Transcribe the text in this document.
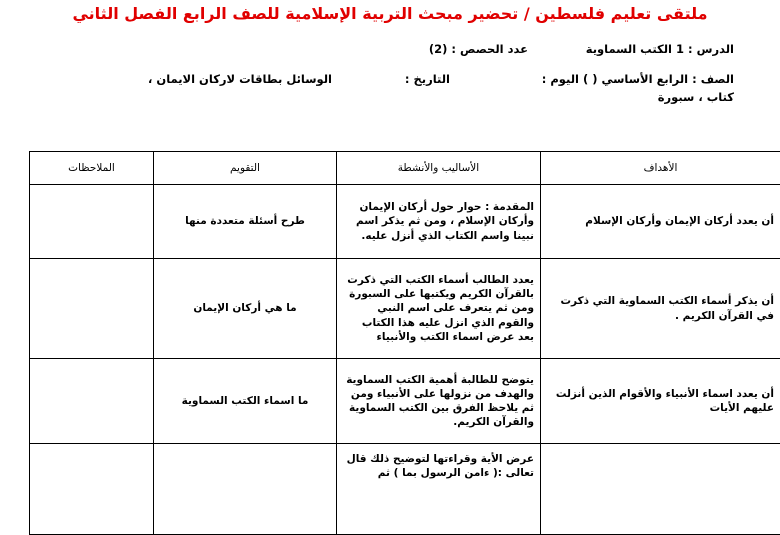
ملتقى تعليم فلسطين / تحضير مبحث التربية الإسلامية للصف الرابع الفصل الثاني
الدرس : 1 الكتب السماوية
عدد الحصص : (2)
الصف : الرابع الأساسي ( ) اليوم :
التاريخ :
الوسائل بطاقات لاركان الايمان ،
كتاب ، سبورة
الأهداف	الأساليب والأنشطة	التقويم	الملاحظات
أن يعدد أركان الإيمان وأركان الإسلام	المقدمة : حوار حول أركان الإيمان وأركان الإسلام ، ومن ثم يذكر اسم نبينا واسم الكتاب الذي أنزل عليه.	طرح أسئلة متعددة منها	
أن يذكر أسماء الكتب السماوية التي ذكرت في القرآن الكريم .	يعدد الطالب أسماء الكتب التي ذكرت بالقرآن الكريم ويكتبها على السبورة ومن ثم يتعرف على اسم النبي والقوم الذي انزل عليه هذا الكتاب بعد عرض اسماء الكتب والأنبياء	ما هي أركان الإيمان	
أن يعدد اسماء الأنبياء والأقوام الذين أنزلت عليهم الأيات	يتوضح للطالبة أهمية الكتب السماوية والهدف من نزولها على الأنبياء ومن ثم يلاحظ الفرق بين الكتب السماوية والقرآن الكريم.	ما اسماء الكتب السماوية	
	عرض الأية وقراءتها لتوضيح ذلك قال تعالى :( ءامن الرسول بما ) ثم		
